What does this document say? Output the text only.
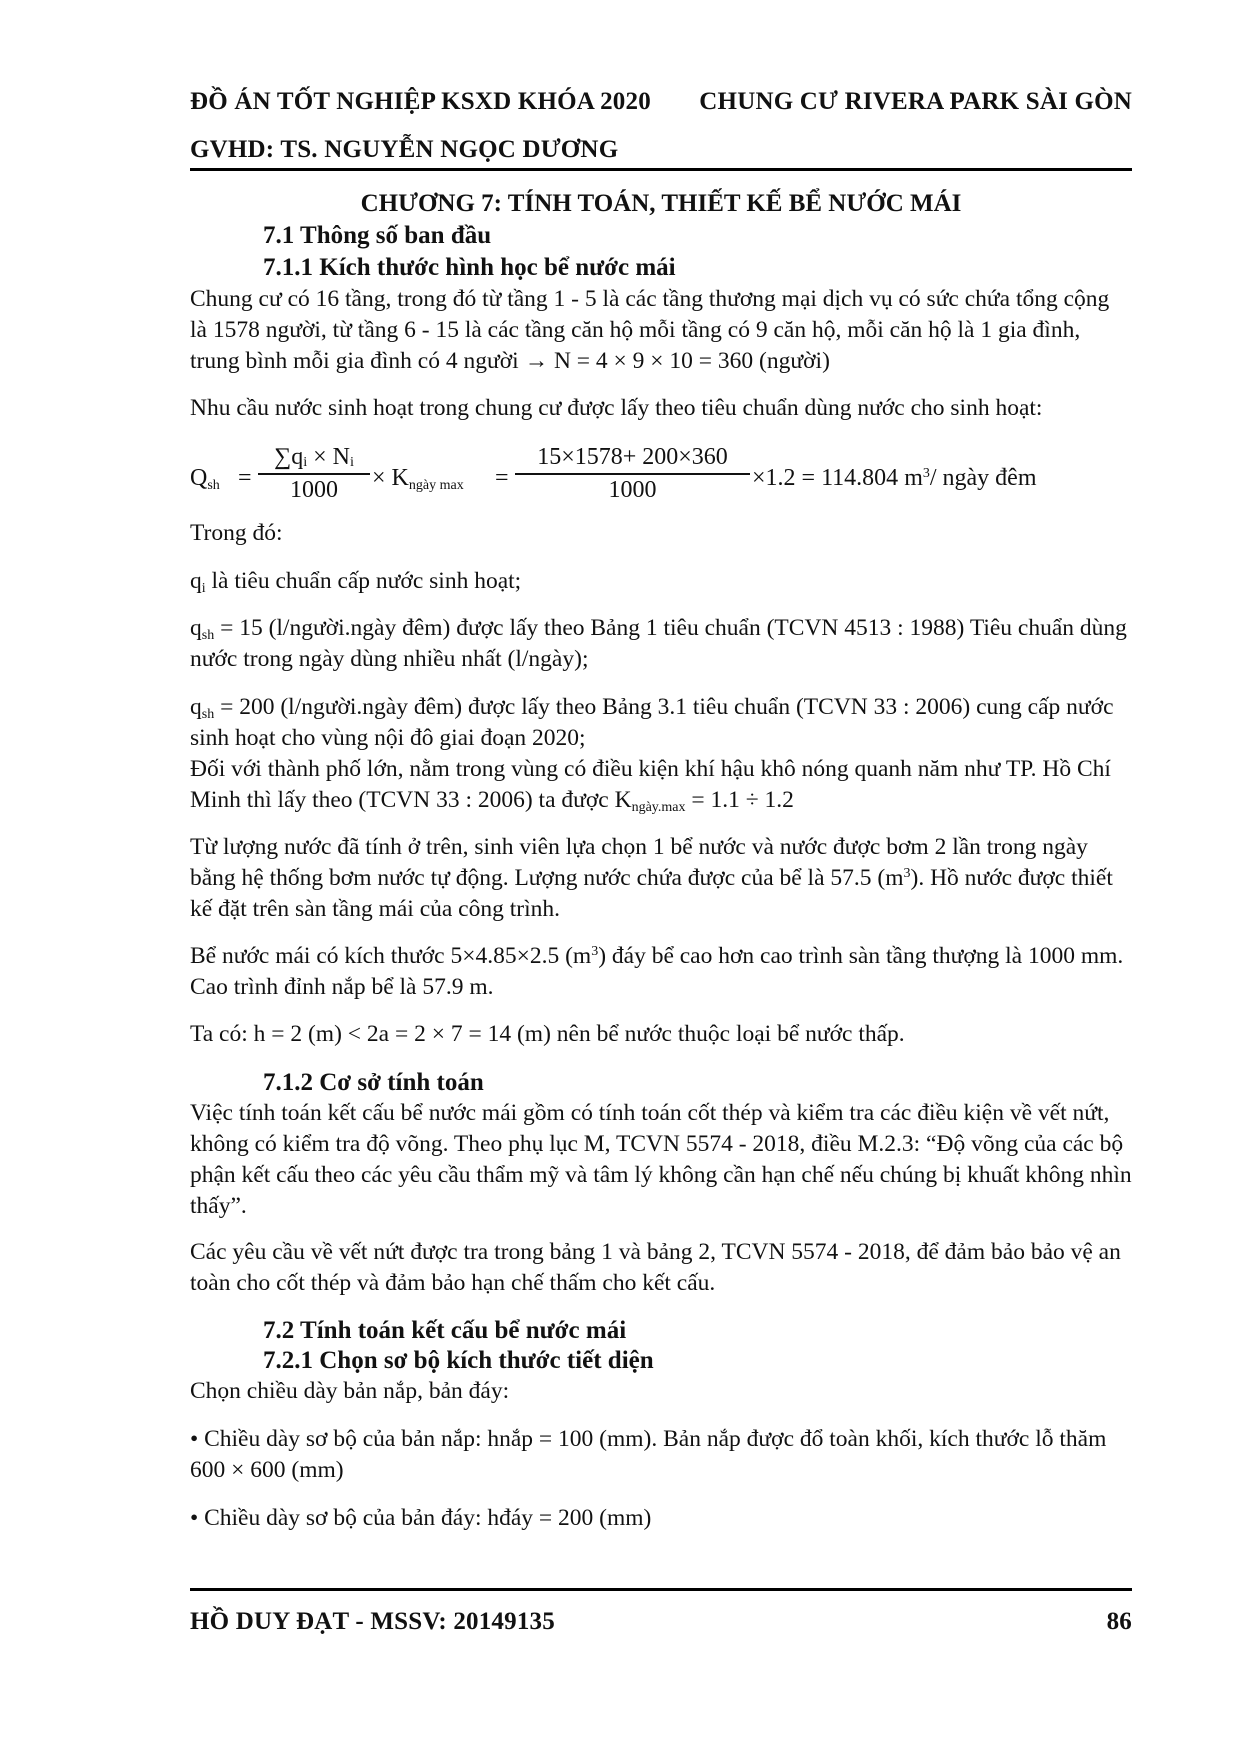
ĐỒ ÁN TỐT NGHIỆP KSXD KHÓA 2020 CHUNG CƯ RIVERA PARK SÀI GÒN
GVHD: TS. NGUYỄN NGỌC DƯƠNG
CHƯƠNG 7: TÍNH TOÁN, THIẾT KẾ BỂ NƯỚC MÁI
7.1 Thông số ban đầu
7.1.1 Kích thước hình học bể nước mái

Chung cư có 16 tầng, trong đó từ tầng 1 - 5 là các tầng thương mại dịch vụ có sức chứa tổng cộng là 1578 người, từ tầng 6 - 15 là các tầng căn hộ mỗi tầng có 9 căn hộ, mỗi căn hộ là 1 gia đình, trung bình mỗi gia đình có 4 người → N = 4 × 9 × 10 = 360 (người)

Nhu cầu nước sinh hoạt trong chung cư được lấy theo tiêu chuẩn dùng nước cho sinh hoạt:

$Q_{sh}$ =
∑qᵢ × Nᵢ
1000	× $K_{ngày max}$ =
15×1578+ 200×360
1000	×1.2 = 114.804 $m^3/$ ngày đêm

Trong đó:

$q_i$ là tiêu chuẩn cấp nước sinh hoạt;

$q_{sh} = 15$ (l/người.ngày đêm) được lấy theo Bảng 1 tiêu chuẩn (TCVN 4513 : 1988) Tiêu chuẩn dùng nước trong ngày dùng nhiều nhất (l/ngày);

$q_{sh} = 200$ (l/người.ngày đêm) được lấy theo Bảng 3.1 tiêu chuẩn (TCVN 33 : 2006) cung cấp nước sinh hoạt cho vùng nội đô giai đoạn 2020;

Đối với thành phố lớn, nằm trong vùng có điều kiện khí hậu khô nóng quanh năm như TP. Hồ Chí Minh thì lấy theo (TCVN 33 : 2006) ta được $K_{ngày.max} = 1.1 \div 1.2$

Từ lượng nước đã tính ở trên, sinh viên lựa chọn 1 bể nước và nước được bơm 2 lần trong ngày bằng hệ thống bơm nước tự động. Lượng nước chứa được của bể là 57.5 $(m^3)$. Hồ nước được thiết kế đặt trên sàn tầng mái của công trình.

Bể nước mái có kích thước 5×4.85×2.5 $(m^3)$ đáy bể cao hơn cao trình sàn tầng thượng là 1000 mm. Cao trình đỉnh nắp bể là 57.9 m.

Ta có: h = 2 (m) < 2a = 2 × 7 = 14 (m) nên bể nước thuộc loại bể nước thấp.

7.1.2 Cơ sở tính toán

Việc tính toán kết cấu bể nước mái gồm có tính toán cốt thép và kiểm tra các điều kiện về vết nứt, không có kiểm tra độ võng. Theo phụ lục M, TCVN 5574 - 2018, điều M.2.3: “Độ võng của các bộ phận kết cấu theo các yêu cầu thẩm mỹ và tâm lý không cần hạn chế nếu chúng bị khuất không nhìn thấy”.

Các yêu cầu về vết nứt được tra trong bảng 1 và bảng 2, TCVN 5574 - 2018, để đảm bảo bảo vệ an toàn cho cốt thép và đảm bảo hạn chế thấm cho kết cấu.

7.2 Tính toán kết cấu bể nước mái
7.2.1 Chọn sơ bộ kích thước tiết diện

Chọn chiều dày bản nắp, bản đáy:

• Chiều dày sơ bộ của bản nắp: hnắp = 100 (mm). Bản nắp được đổ toàn khối, kích thước lỗ thăm 600 × 600 (mm)

• Chiều dày sơ bộ của bản đáy: hđáy = 200 (mm)

HỒ DUY ĐẠT - MSSV: 20149135	86
